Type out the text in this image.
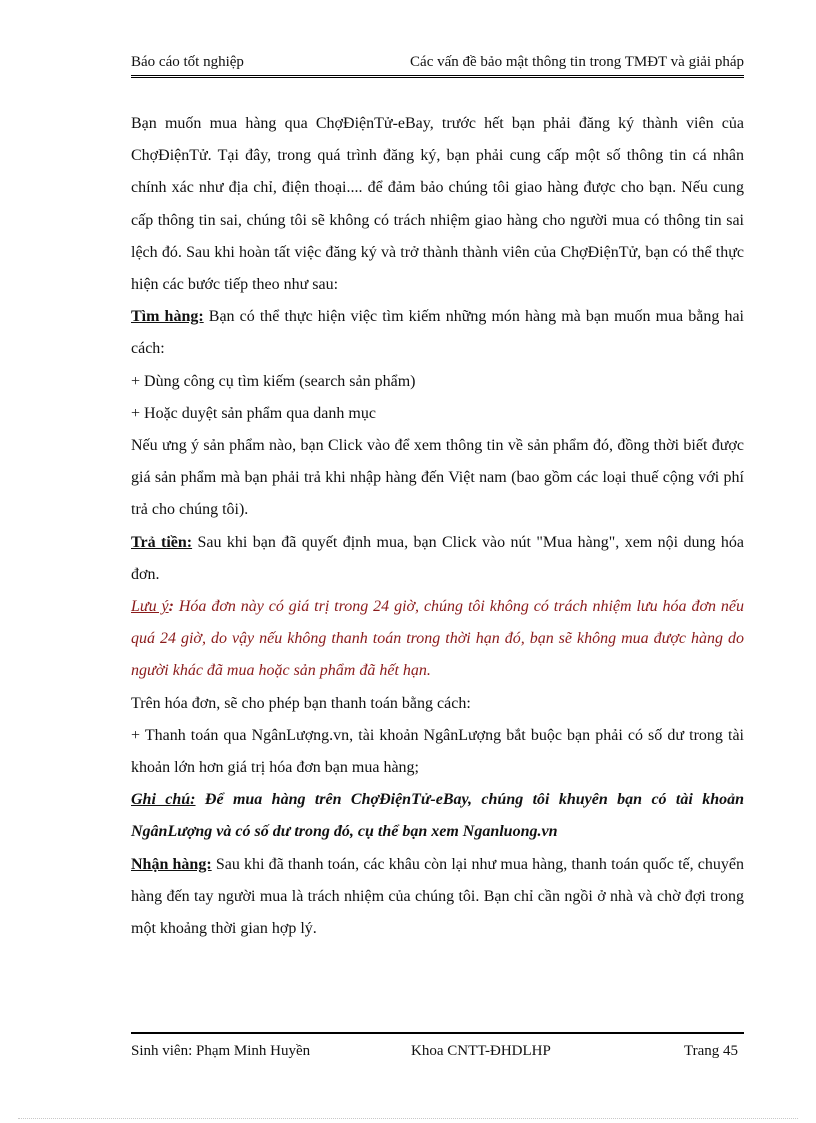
Báo cáo tốt nghiệp	Các vấn đề bảo mật thông tin trong TMĐT và giải pháp

Bạn muốn mua hàng qua ChợĐiệnTử-eBay, trước hết bạn phải đăng ký thành viên của ChợĐiệnTử. Tại đây, trong quá trình đăng ký, bạn phải cung cấp một số thông tin cá nhân chính xác như địa chỉ, điện thoại.... để đảm bảo chúng tôi giao hàng được cho bạn. Nếu cung cấp thông tin sai, chúng tôi sẽ không có trách nhiệm giao hàng cho người mua có thông tin sai lệch đó. Sau khi hoàn tất việc đăng ký và trở thành thành viên của ChợĐiệnTử, bạn có thể thực hiện các bước tiếp theo như sau:

Tìm hàng: Bạn có thể thực hiện việc tìm kiếm những món hàng mà bạn muốn mua bằng hai cách:

+ Dùng công cụ tìm kiếm (search sản phẩm)

+ Hoặc duyệt sản phẩm qua danh mục

Nếu ưng ý sản phẩm nào, bạn Click vào để xem thông tin về sản phẩm đó, đồng thời biết được giá sản phẩm mà bạn phải trả khi nhập hàng đến Việt nam (bao gồm các loại thuế cộng với phí trả cho chúng tôi).

Trả tiền: Sau khi bạn đã quyết định mua, bạn Click vào nút "Mua hàng", xem nội dung hóa đơn.

Lưu ý: Hóa đơn này có giá trị trong 24 giờ, chúng tôi không có trách nhiệm lưu hóa đơn nếu quá 24 giờ, do vậy nếu không thanh toán trong thời hạn đó, bạn sẽ không mua được hàng do người khác đã mua hoặc sản phẩm đã hết hạn.

Trên hóa đơn, sẽ cho phép bạn thanh toán bằng cách:

+ Thanh toán qua NgânLượng.vn, tài khoản NgânLượng bắt buộc bạn phải có số dư trong tài khoản lớn hơn giá trị hóa đơn bạn mua hàng;

Ghi chú: Để mua hàng trên ChợĐiệnTử-eBay, chúng tôi khuyên bạn có tài khoản NgânLượng và có số dư trong đó, cụ thể bạn xem Nganluong.vn

Nhận hàng: Sau khi đã thanh toán, các khâu còn lại như mua hàng, thanh toán quốc tế, chuyển hàng đến tay người mua là trách nhiệm của chúng tôi. Bạn chỉ cần ngồi ở nhà và chờ đợi trong một khoảng thời gian hợp lý.

Sinh viên: Phạm Minh Huyền	Khoa CNTT-ĐHDLHP	Trang 45
